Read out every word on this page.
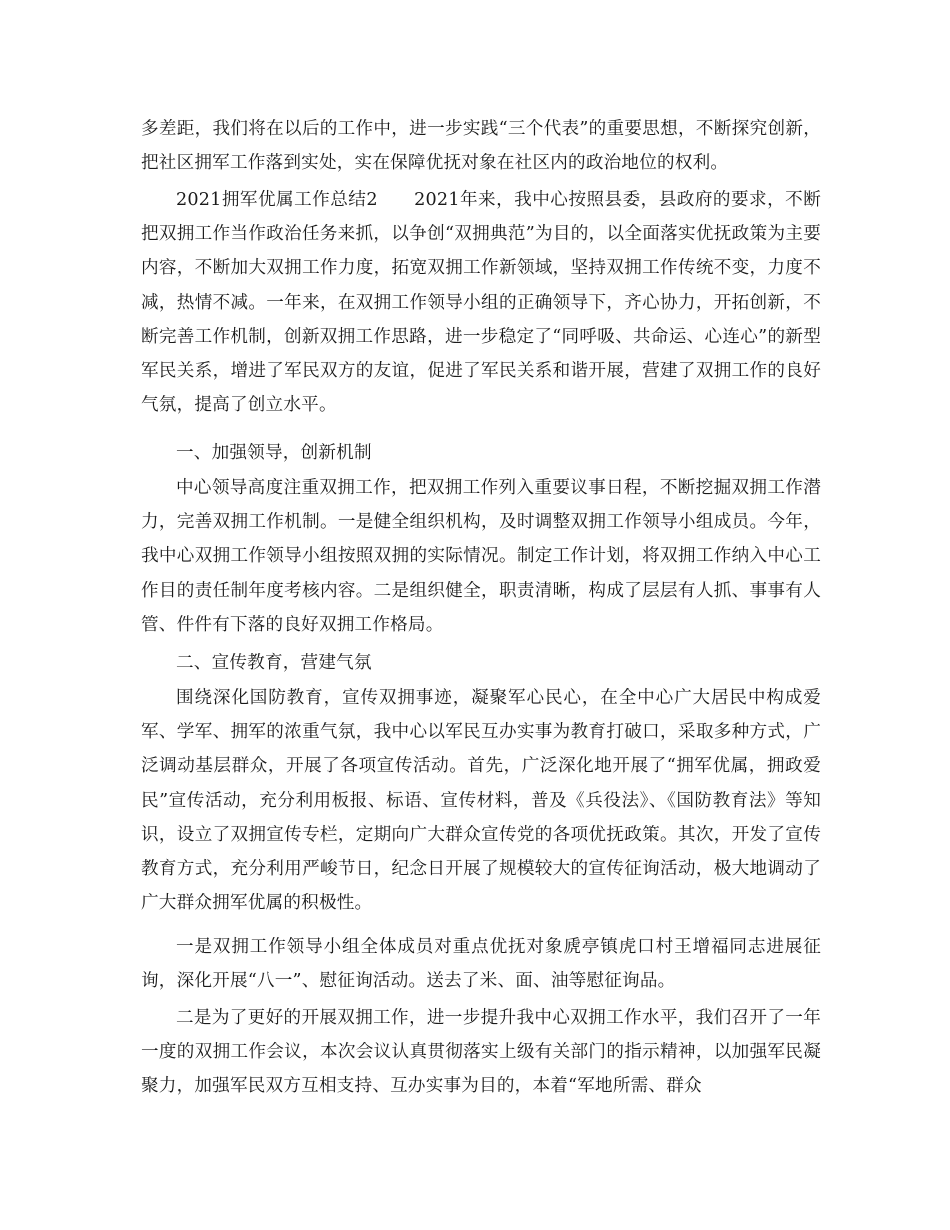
多差距，我们将在以后的工作中，进一步实践“三个代表”的重要思想，不断探究创新，把社区拥军工作落到实处，实在保障优抚对象在社区内的政治地位的权利。

2021拥军优属工作总结2　　2021年来，我中心按照县委，县政府的要求，不断把双拥工作当作政治任务来抓，以争创“双拥典范”为目的，以全面落实优抚政策为主要内容，不断加大双拥工作力度，拓宽双拥工作新领域，坚持双拥工作传统不变，力度不减，热情不减。一年来，在双拥工作领导小组的正确领导下，齐心协力，开拓创新，不断完善工作机制，创新双拥工作思路，进一步稳定了“同呼吸、共命运、心连心”的新型军民关系，增进了军民双方的友谊，促进了军民关系和谐开展，营建了双拥工作的良好气氛，提高了创立水平。

一、加强领导，创新机制

中心领导高度注重双拥工作，把双拥工作列入重要议事日程，不断挖掘双拥工作潜力，完善双拥工作机制。一是健全组织机构，及时调整双拥工作领导小组成员。今年，我中心双拥工作领导小组按照双拥的实际情况。制定工作计划，将双拥工作纳入中心工作目的责任制年度考核内容。二是组织健全，职责清晰，构成了层层有人抓、事事有人管、件件有下落的良好双拥工作格局。

二、宣传教育，营建气氛

围绕深化国防教育，宣传双拥事迹，凝聚军心民心，在全中心广大居民中构成爱军、学军、拥军的浓重气氛，我中心以军民互办实事为教育打破口，采取多种方式，广泛调动基层群众，开展了各项宣传活动。首先，广泛深化地开展了“拥军优属，拥政爱民”宣传活动，充分利用板报、标语、宣传材料，普及《兵役法》、《国防教育法》等知识，设立了双拥宣传专栏，定期向广大群众宣传党的各项优抚政策。其次，开发了宣传教育方式，充分利用严峻节日，纪念日开展了规模较大的宣传征询活动，极大地调动了广大群众拥军优属的积极性。

一是双拥工作领导小组全体成员对重点优抚对象虒亭镇虎口村王增福同志进展征询，深化开展“八一”、慰征询活动。送去了米、面、油等慰征询品。

二是为了更好的开展双拥工作，进一步提升我中心双拥工作水平，我们召开了一年一度的双拥工作会议，本次会议认真贯彻落实上级有关部门的指示精神，以加强军民凝聚力，加强军民双方互相支持、互办实事为目的，本着“军地所需、群众
